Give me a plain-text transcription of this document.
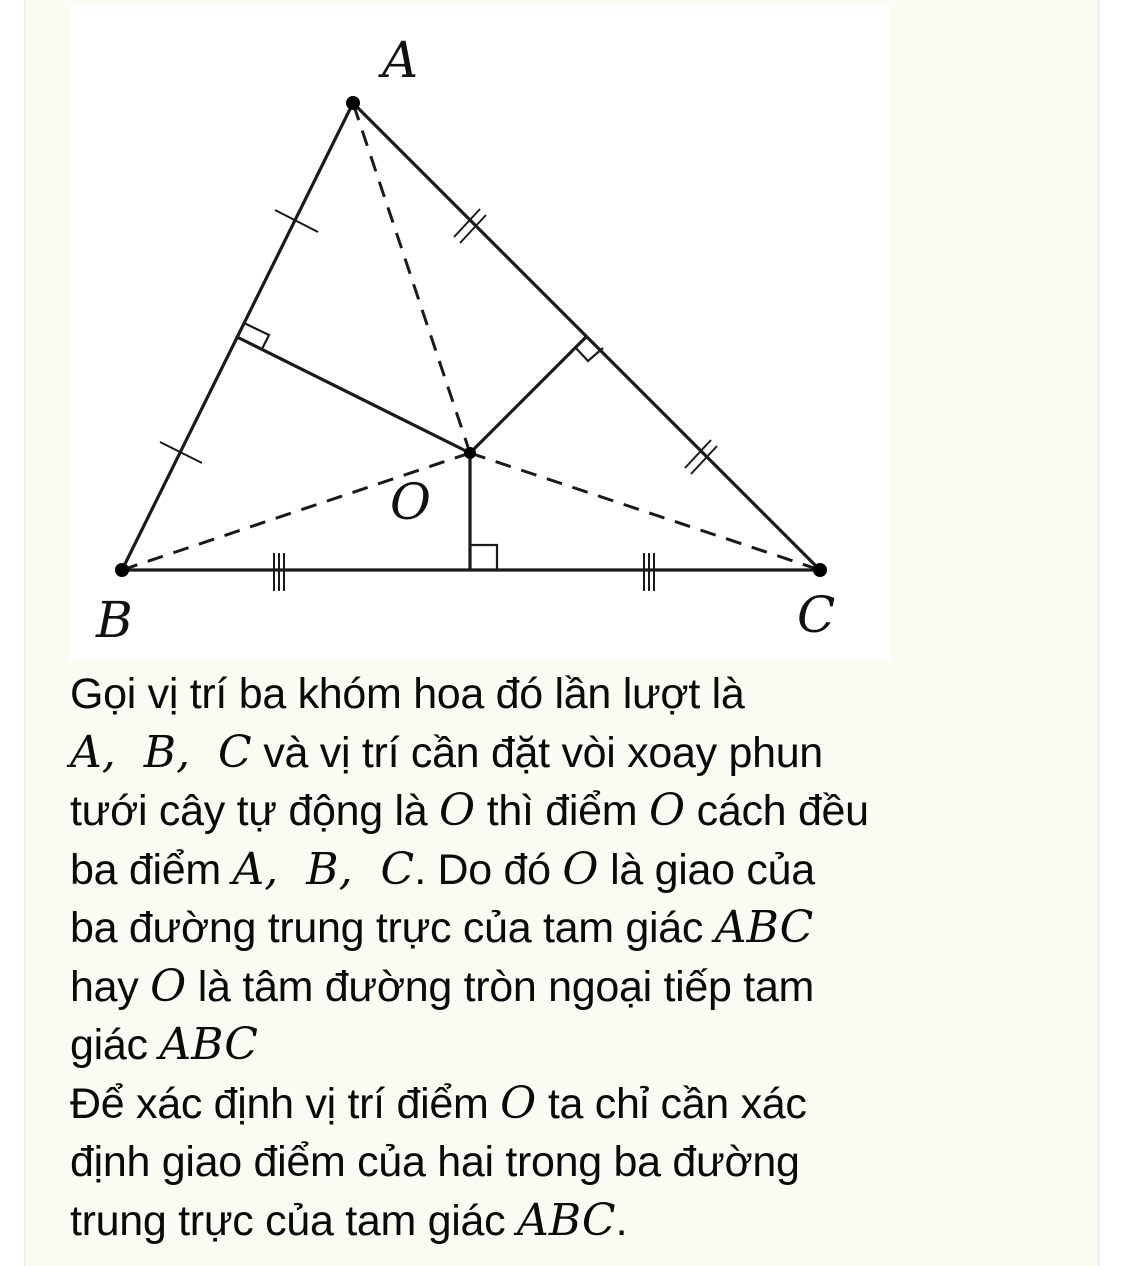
A
B	C
O
Gọi vị trí ba khóm hoa đó lần lượt là
A,  B,  C và vị trí cần đặt vòi xoay phun
tưới cây tự động là O thì điểm O cách đều
ba điểm A,  B,  C. Do đó O là giao của
ba đường trung trực của tam giác ABC
hay O là tâm đường tròn ngoại tiếp tam
giác ABC
Để xác định vị trí điểm O ta chỉ cần xác
định giao điểm của hai trong ba đường
trung trực của tam giác ABC.
